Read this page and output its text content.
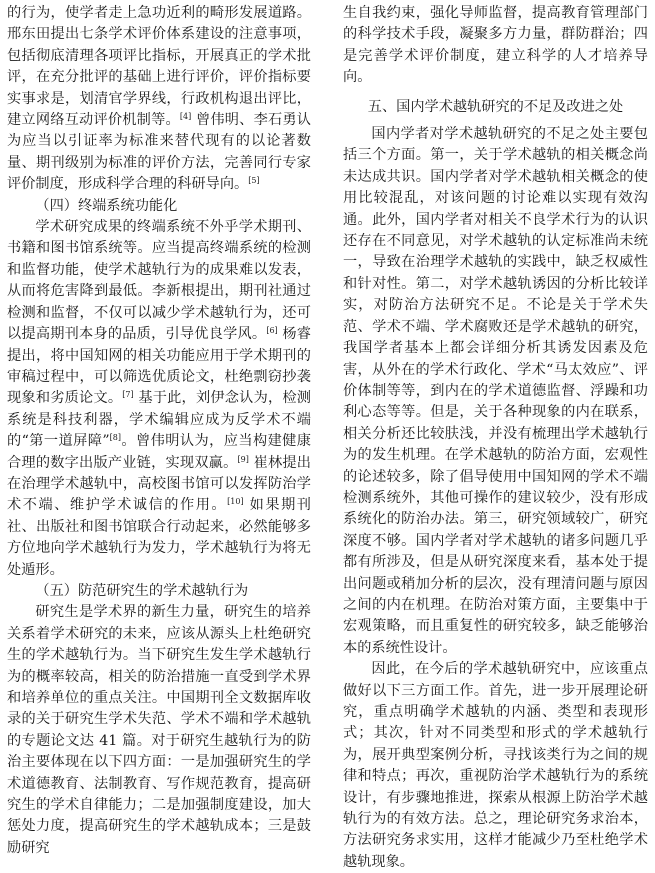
的行为，使学者走上急功近利的畸形发展道路。邢东田提出七条学术评价体系建设的注意事项，包括彻底清理各项评比指标，开展真正的学术批评，在充分批评的基础上进行评价，评价指标要实事求是，划清官学界线，行政机构退出评比，建立网络互动评价机制等。[4] 曾伟明、李石勇认为应当以引证率为标准来替代现有的以论著数量、期刊级别为标准的评价方法，完善同行专家评价制度，形成科学合理的科研导向。[5]

（四）终端系统功能化

学术研究成果的终端系统不外乎学术期刊、书籍和图书馆系统等。应当提高终端系统的检测和监督功能，使学术越轨行为的成果难以发表，从而将危害降到最低。李新根提出，期刊社通过检测和监督，不仅可以减少学术越轨行为，还可以提高期刊本身的品质，引导优良学风。[6] 杨睿提出，将中国知网的相关功能应用于学术期刊的审稿过程中，可以筛选优质论文，杜绝剽窃抄袭现象和劣质论文。[7] 基于此，刘伊念认为，检测系统是科技利器，学术编辑应成为反学术不端的“第一道屏障”[8]。曾伟明认为，应当构建健康合理的数字出版产业链，实现双赢。[9] 崔林提出在治理学术越轨中，高校图书馆可以发挥防治学术不端、维护学术诚信的作用。[10] 如果期刊社、出版社和图书馆联合行动起来，必然能够多方位地向学术越轨行为发力，学术越轨行为将无处遁形。

（五）防范研究生的学术越轨行为

研究生是学术界的新生力量，研究生的培养关系着学术研究的未来，应该从源头上杜绝研究生的学术越轨行为。当下研究生发生学术越轨行为的概率较高，相关的防治措施一直受到学术界和培养单位的重点关注。中国期刊全文数据库收录的关于研究生学术失范、学术不端和学术越轨的专题论文达 41 篇。对于研究生越轨行为的防治主要体现在以下四方面：一是加强研究生的学术道德教育、法制教育、写作规范教育，提高研究生的学术自律能力；二是加强制度建设，加大惩处力度，提高研究生的学术越轨成本；三是鼓励研究

生自我约束，强化导师监督，提高教育管理部门的科学技术手段，凝聚多方力量，群防群治；四是完善学术评价制度，建立科学的人才培养导向。

五、国内学术越轨研究的不足及改进之处

国内学者对学术越轨研究的不足之处主要包括三个方面。第一，关于学术越轨的相关概念尚未达成共识。国内学者对学术越轨相关概念的使用比较混乱，对该问题的讨论难以实现有效沟通。此外，国内学者对相关不良学术行为的认识还存在不同意见，对学术越轨的认定标准尚未统一，导致在治理学术越轨的实践中，缺乏权威性和针对性。第二，对学术越轨诱因的分析比较详实，对防治方法研究不足。不论是关于学术失范、学术不端、学术腐败还是学术越轨的研究，我国学者基本上都会详细分析其诱发因素及危害，从外在的学术行政化、学术“马太效应”、评价体制等等，到内在的学术道德监督、浮躁和功利心态等等。但是，关于各种现象的内在联系，相关分析还比较肤浅，并没有梳理出学术越轨行为的发生机理。在学术越轨的防治方面，宏观性的论述较多，除了倡导使用中国知网的学术不端检测系统外，其他可操作的建议较少，没有形成系统化的防治办法。第三，研究领域较广，研究深度不够。国内学者对学术越轨的诸多问题几乎都有所涉及，但是从研究深度来看，基本处于提出问题或稍加分析的层次，没有理清问题与原因之间的内在机理。在防治对策方面，主要集中于宏观策略，而且重复性的研究较多，缺乏能够治本的系统性设计。

因此，在今后的学术越轨研究中，应该重点做好以下三方面工作。首先，进一步开展理论研究，重点明确学术越轨的内涵、类型和表现形式；其次，针对不同类型和形式的学术越轨行为，展开典型案例分析，寻找该类行为之间的规律和特点；再次，重视防治学术越轨行为的系统设计，有步骤地推进，探索从根源上防治学术越轨行为的有效方法。总之，理论研究务求治本，方法研究务求实用，这样才能减少乃至杜绝学术越轨现象。
